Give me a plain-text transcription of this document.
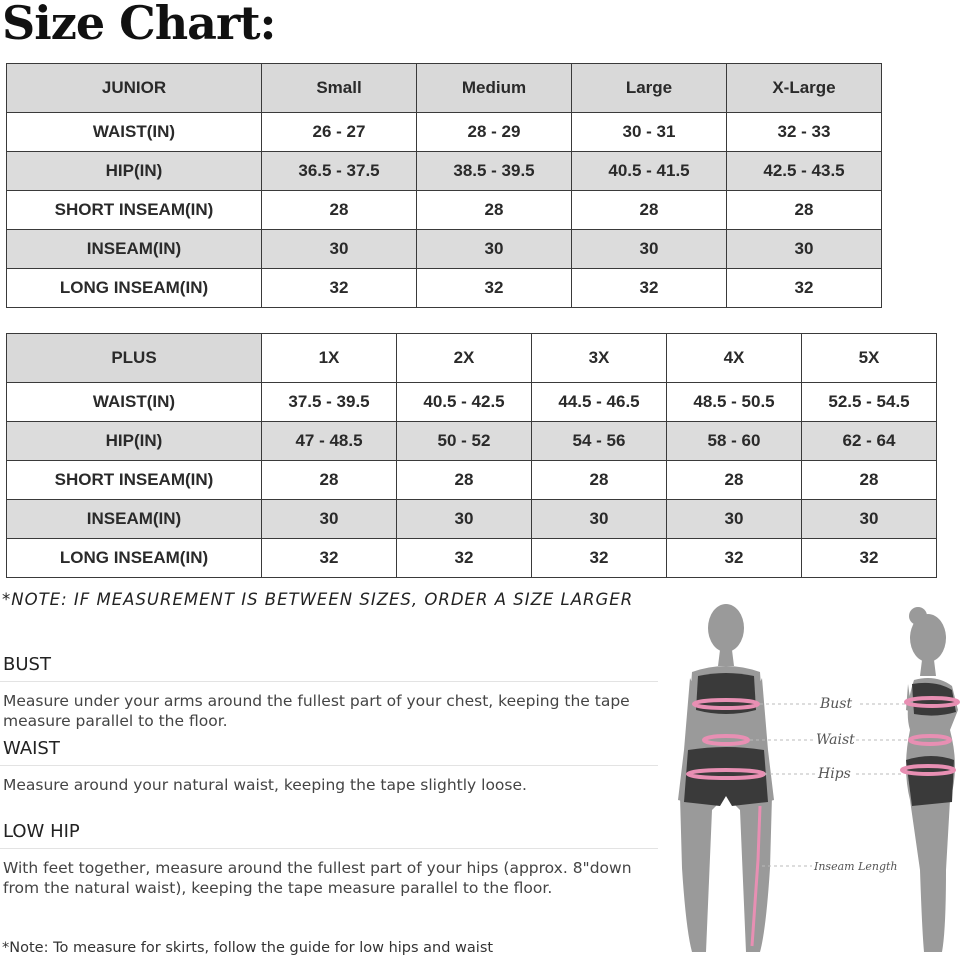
Size Chart:
JUNIOR	Small	Medium	Large	X-Large
WAIST(IN)	26 - 27	28 - 29	30 - 31	32 - 33
HIP(IN)	36.5 - 37.5	38.5 - 39.5	40.5 - 41.5	42.5 - 43.5
SHORT INSEAM(IN)	28	28	28	28
INSEAM(IN)	30	30	30	30
LONG INSEAM(IN)	32	32	32	32
PLUS	1X	2X	3X	4X	5X
WAIST(IN)	37.5 - 39.5	40.5 - 42.5	44.5 - 46.5	48.5 - 50.5	52.5 - 54.5
HIP(IN)	47 - 48.5	50 - 52	54 - 56	58 - 60	62 - 64
SHORT INSEAM(IN)	28	28	28	28	28
INSEAM(IN)	30	30	30	30	30
LONG INSEAM(IN)	32	32	32	32	32
*NOTE: IF MEASUREMENT IS BETWEEN SIZES, ORDER A SIZE LARGER
BUST
Measure under your arms around the fullest part of your chest, keeping the tape measure parallel to the floor.
WAIST
Measure around your natural waist, keeping the tape slightly loose.
LOW HIP
With feet together, measure around the fullest part of your hips (approx. 8"down from the natural waist), keeping the tape measure parallel to the floor.
*Note: To measure for skirts, follow the guide for low hips and waist
Bust
Waist
Hips
Inseam Length
